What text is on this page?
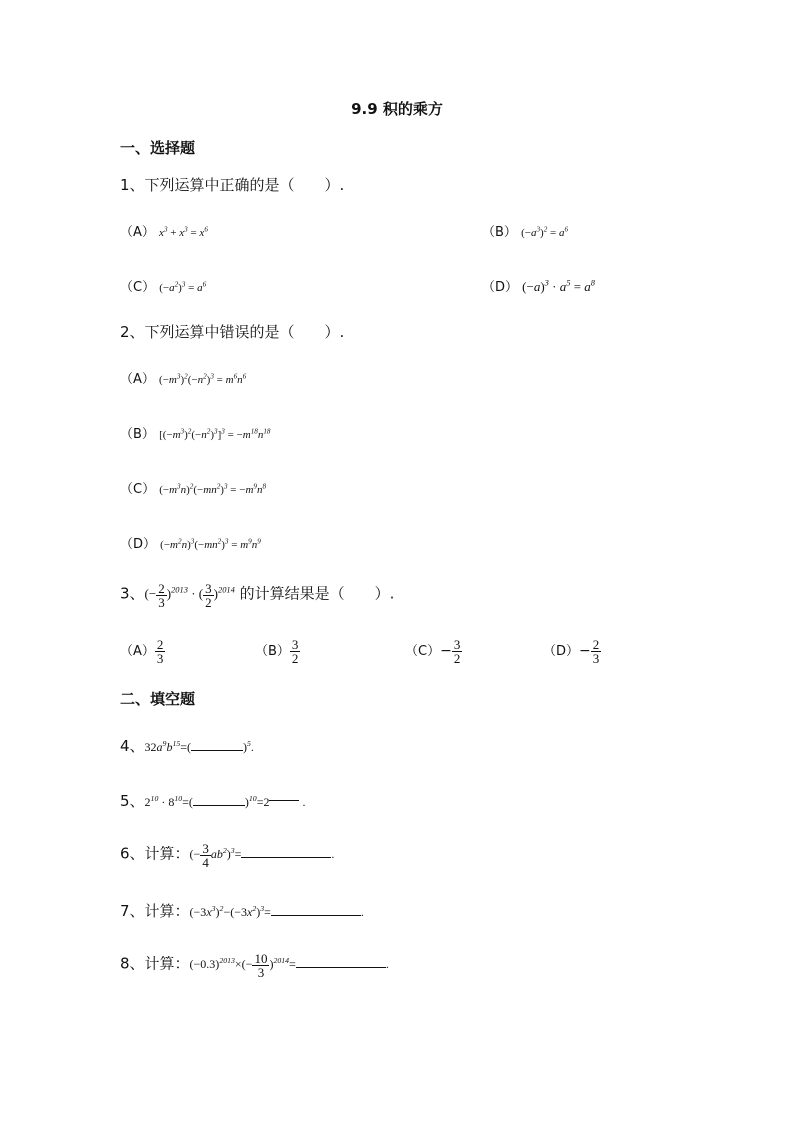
9.9 积的乘方
一、选择题
1、下列运算中正确的是（　　）.
（A） $x^3 + x^3 = x^6$	（B） $(-a^3)^2 = a^6$
（C） $(-a^2)^3 = a^6$	（D） $(-a)^3 \cdot a^5 = a^8$
2、下列运算中错误的是（　　）.
（A） $(-m^3)^2(-n^2)^3 = m^6n^6$
（B） $[(-m^3)^2(-n^2)^3]^3 = -m^{18}n^{18}$
（C） $(-m^3n)^2(-mn^2)^3 = -m^9n^8$
（D） $(-m^2n)^3(-mn^2)^3 = m^9n^9$
3、(− $\frac{2}{3} )^{2013}$ · ( $\frac{3}{2} )^{2014}$ 的计算结果是（　　）.
$(A) \frac{2}{3}$	$(B) \frac{3}{2}$	$(C)- \frac{3}{2}$	$(D)- \frac{2}{3}$
二、填空题
4、$32a^9b^{15}=$(	)$^5$.
5、$2^{10} \cdot 8^{10}=$(	)$^{10}$=2	.
6、计算：(− $\frac{3}{4} ab^2)^3=$	.
7、计算：$(-3x^3)^2-(-3x^2)^3=$	.
8、计算：$(-0.3)^{2013}\times(- \frac{10}{3} )^{2014}=$	.
